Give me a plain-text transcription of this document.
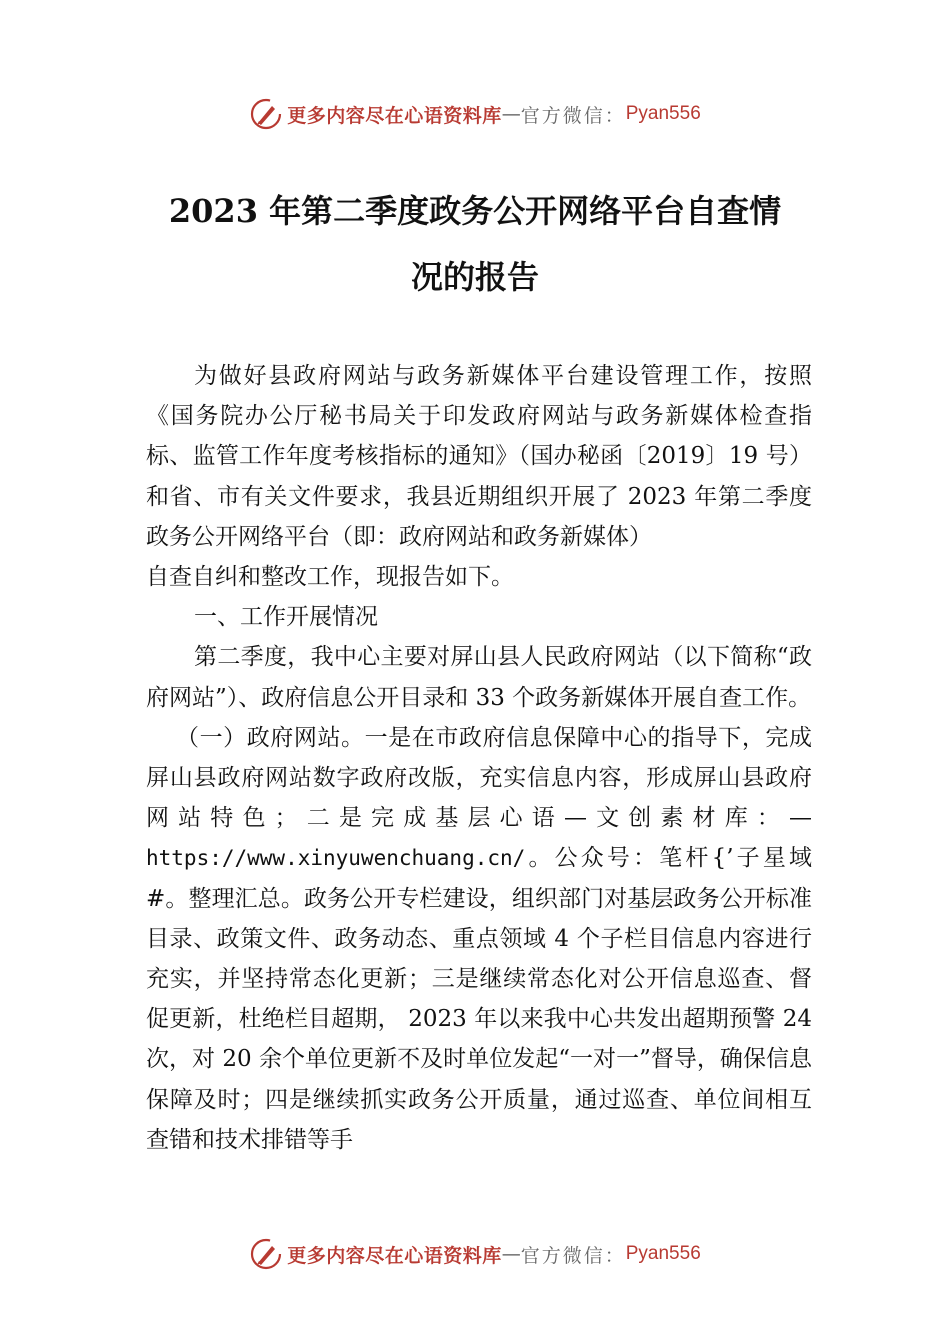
更多内容尽在心语资料库 — 官方微信： Pyan556
2023 年第二季度政务公开网络平台自查情
况的报告

为做好县政府网站与政务新媒体平台建设管理工作，按照《国务院办公厅秘书局关于印发政府网站与政务新媒体检查指标、监管工作年度考核指标的通知》（国办秘函〔2019〕19 号）和省、市有关文件要求，我县近期组织开展了 2023 年第二季度政务公开网络平台（即：政府网站和政务新媒体）

自查自纠和整改工作，现报告如下。

一、工作开展情况

第二季度，我中心主要对屏山县人民政府网站（以下简称“政府网站”）、政府信息公开目录和 33 个政务新媒体开展自查工作。

（一）政府网站。一是在市政府信息保障中心的指导下，完成屏山县政府网站数字政府改版，充实信息内容，形成屏山县政府网站特色；二是完成基层心语—文创素材库：—https://www.xinyuwenchuang.cn/。公众号：笔杆{’子星域#。整理汇总。政务公开专栏建设，组织部门对基层政务公开标准目录、政策文件、政务动态、重点领域 4 个子栏目信息内容进行充实，并坚持常态化更新；三是继续常态化对公开信息巡查、督促更新，杜绝栏目超期， 2023 年以来我中心共发出超期预警 24 次，对 20 余个单位更新不及时单位发起“一对一”督导，确保信息保障及时；四是继续抓实政务公开质量，通过巡查、单位间相互查错和技术排错等手

更多内容尽在心语资料库 — 官方微信： Pyan556
